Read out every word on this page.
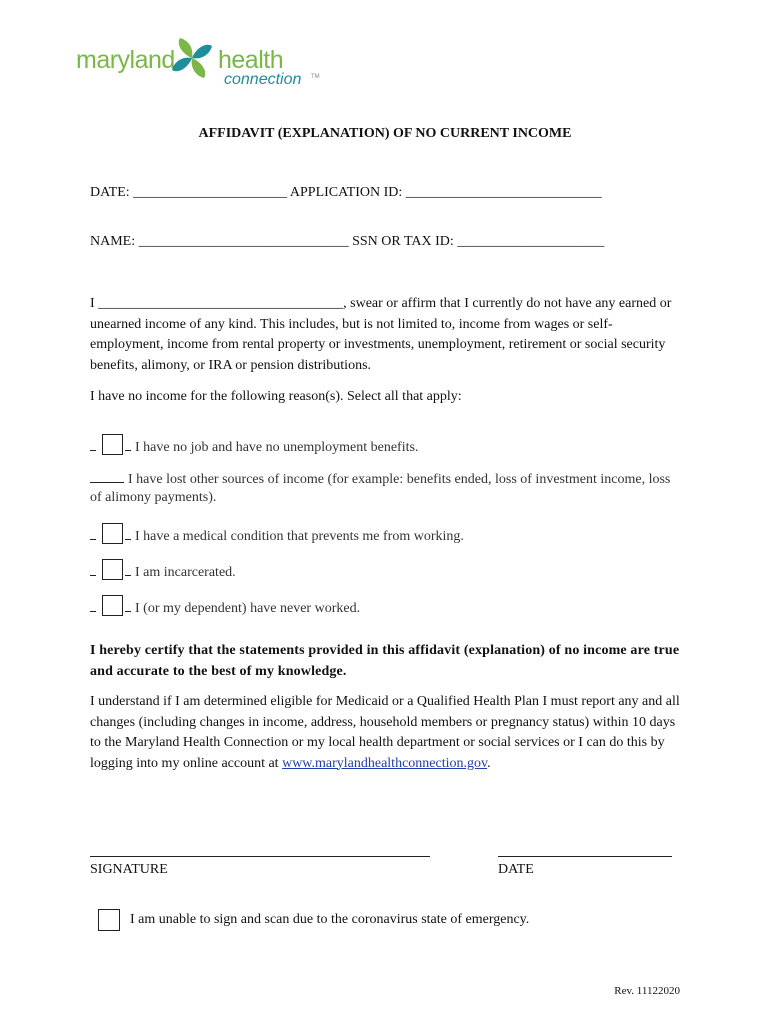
maryland health
connection TM
AFFIDAVIT (EXPLANATION) OF NO CURRENT INCOME
DATE: ______________________ APPLICATION ID: ____________________________
NAME: ______________________________ SSN OR TAX ID: _____________________
I ___________________________________, swear or affirm that I currently do not have any earned or unearned income of any kind. This includes, but is not limited to, income from wages or self-employment, income from rental property or investments, unemployment, retirement or social security benefits, alimony, or IRA or pension distributions.
I have no income for the following reason(s). Select all that apply:
I have no job and have no unemployment benefits.
I have lost other sources of income (for example: benefits ended, loss of investment income, loss of alimony payments).
I have a medical condition that prevents me from working.
I am incarcerated.
I (or my dependent) have never worked.
I hereby certify that the statements provided in this affidavit (explanation) of no income are true and accurate to the best of my knowledge.
I understand if I am determined eligible for Medicaid or a Qualified Health Plan I must report any and all changes (including changes in income, address, household members or pregnancy status) within 10 days to the Maryland Health Connection or my local health department or social services or I can do this by logging into my online account at www.marylandhealthconnection.gov.
SIGNATURE	DATE
I am unable to sign and scan due to the coronavirus state of emergency.
Rev. 11122020
